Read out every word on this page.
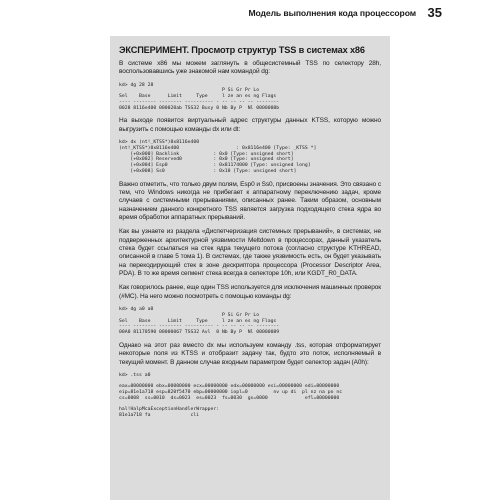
Модель выполнения кода процессором 35
ЭКСПЕРИМЕНТ. Просмотр структур TSS в системах x86

В системе x86 мы можем заглянуть в общесистемный TSS по селектору 28h, воспользовавшись уже знакомой нам командой dg:

kd> dg 28 28
P Si Gr Pr Lo
Sel    Base      Limit     Type     l ze an es ng Flags
---- -------- -------- ---------- - -- -- -- -- --------
0028 8116e400 000020ab TSS32 Busy 0 Nb By P  Nl 0000008b

На выходе появится виртуальный адрес структуры данных KTSS, которую можно выгрузить с помощью команды dx или dt:

kd> dx (nt!_KTSS*)0x8116e400
(nt!_KTSS*)0x8116e400                    : 0x8116e400 [Type: _KTSS *]
[+0x000] Backlink            : 0x0 [Type: unsigned short]
[+0x002] Reserved0           : 0x0 [Type: unsigned short]
[+0x004] Esp0                : 0x81174000 [Type: unsigned long]
[+0x008] Ss0                 : 0x10 [Type: unsigned short]

Важно отметить, что только двум полям, Esp0 и Ss0, присвоены значения. Это связано с тем, что Windows никогда не прибегает к аппаратному переключению задач, кроме случаев с системными прерываниями, описанных ранее. Таким образом, основным назначением данного конкретного TSS является загрузка подходящего стека ядра во время обработки аппаратных прерываний.

Как вы узнаете из раздела «Диспетчеризация системных прерываний», в системах, не подверженных архитектурной уязвимости Meltdown в процессорах, данный указатель стека будет ссылаться на стек ядра текущего потока (согласно структуре KTHREAD, описанной в главе 5 тома 1). В системах, где также уязвимость есть, он будет указывать на перекодирующий стек в зоне дескриптора процессора (Processor Descriptor Area, PDA). В то же время сегмент стека всегда в селекторе 10h, или KGDT_R0_DATA.

Как говорилось ранее, еще один TSS используется для исключения машинных проверок (#MC). На него можно посмотреть с помощью команды dg:

kd> dg a0 a0
P Si Gr Pr Lo
Sel    Base      Limit     Type     l ze an es ng Flags
---- -------- -------- ---------- - -- -- -- -- --------
00A0 81170590 00000067 TSS32 Avl  0 Nb By P  Nl 00000089

Однако на этот раз вместо dx мы используем команду .tss, которая отформатирует некоторые поля из KTSS и отобразит задачу так, будто это поток, исполняемый в текущий момент. В данном случае входным параметром будет селектор задач (A0h):

kd> .tss a0

eax=00000000 ebx=00000000 ecx=00000000 edx=00000000 esi=00000000 edi=00000000
eip=81e1a718 esp=820f5470 ebp=00000000 iopl=0         nv up di  pl nz na po nc
cs=0008  ss=0010  ds=0023  es=0023  fs=0030  gs=0000             efl=00000000

hal!HalpMcaExceptionHandlerWrapper:
81e1a718 fa              cli
